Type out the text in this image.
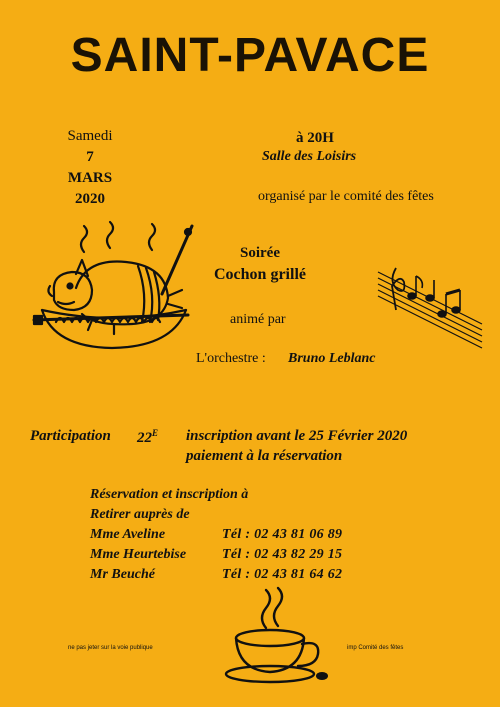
SAINT-PAVACE
Samedi
7
MARS
2020
à 20H
Salle des Loisirs
organisé par le comité des fêtes
Soirée
Cochon grillé
animé par
L'orchestre : Bruno Leblanc
Participation $22^E$ inscription avant le 25 Février 2020
paiement à la réservation
Réservation et inscription à
Retirer auprès de
Mme Aveline	Tél : 02 43 81 06 89
Mme Heurtebise	Tél : 02 43 82 29 15
Mr Beuché	Tél : 02 43 81 64 62
ne pas jeter sur la voie publique	imp Comité des fêtes
